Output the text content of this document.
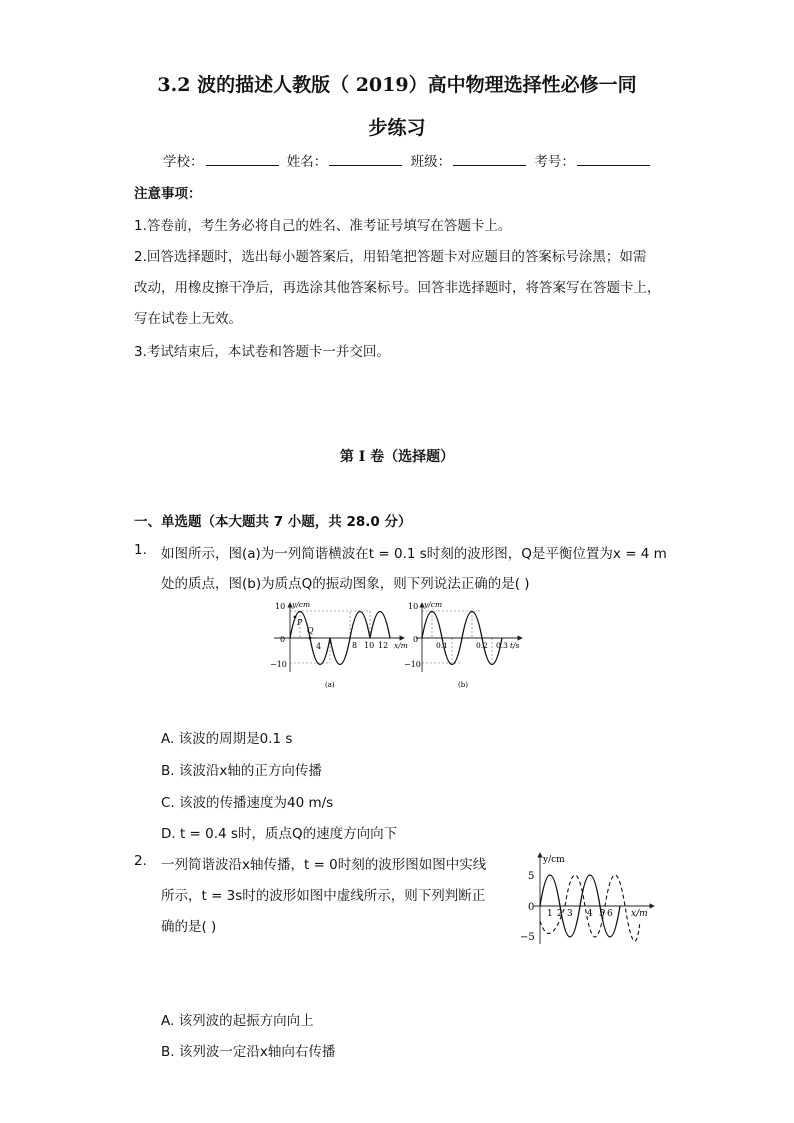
3.2 波的描述人教版（ 2019）高中物理选择性必修一同
步练习
学校：	姓名：	班级：	考号：
注意事项：
1.答卷前，考生务必将自己的姓名、准考证号填写在答题卡上。
2.回答选择题时，选出每小题答案后，用铅笔把答题卡对应题目的答案标号涂黑；如需
改动，用橡皮擦干净后，再选涂其他答案标号。回答非选择题时，将答案写在答题卡上，
写在试卷上无效。
3.考试结束后，本试卷和答题卡一并交回。
第 I 卷（选择题）
一、单选题（本大题共 7 小题，共 28.0 分）
1. 如图所示，图(a)为一列简谐横波在t = 0.1 s时刻的波形图，Q是平衡位置为x = 4 m
处的质点，图(b)为质点Q的振动图象，则下列说法正确的是( )
10
0
−10
y/cm
P
Q
4	8 10 12 x/m
(a)
10
0
−10
y/cm
0.1	0.2 0.3 t/s
(b)
A. 该波的周期是0.1 s
B. 该波沿x轴的正方向传播
C. 该波的传播速度为40 m/s
D. t = 0.4 s时，质点Q的速度方向向下
2. 一列简谐波沿x轴传播，t = 0时刻的波形图如图中实线
所示，t = 3s时的波形如图中虚线所示，则下列判断正
确的是( )
5
0
−5
y/cm
1 2 3 4 5 6 x/m
A. 该列波的起振方向向上
B. 该列波一定沿x轴向右传播
